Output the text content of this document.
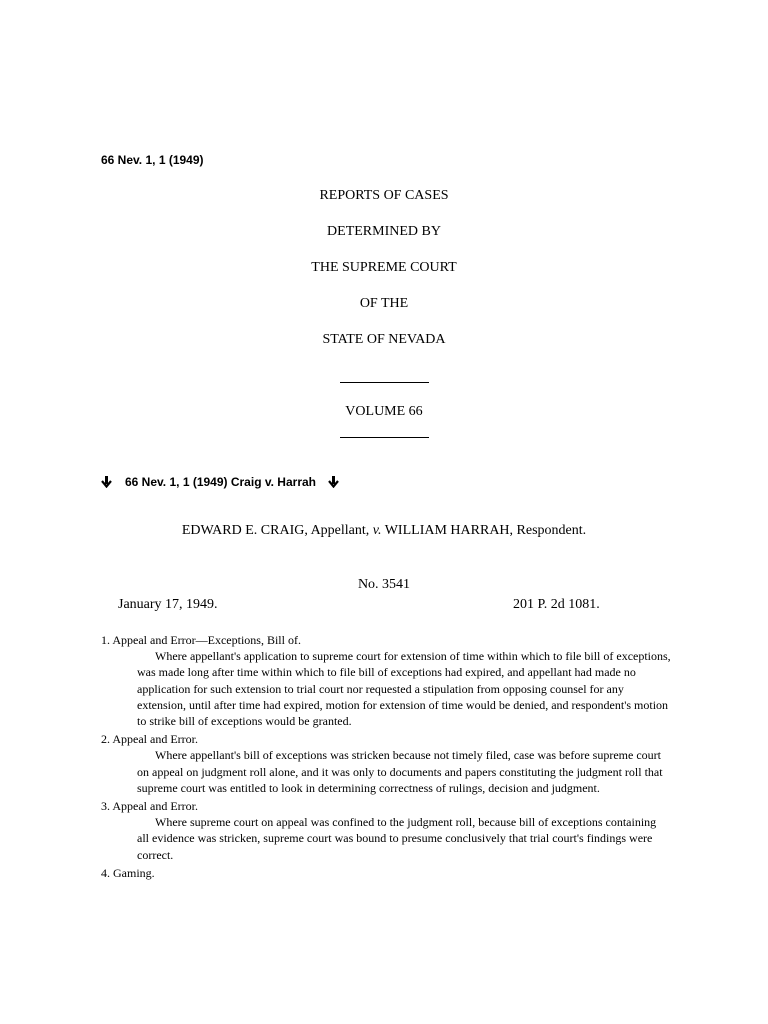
66 Nev. 1, 1 (1949)
REPORTS OF CASES
DETERMINED BY
THE SUPREME COURT
OF THE
STATE OF NEVADA
VOLUME 66
66 Nev. 1, 1 (1949) Craig v. Harrah
EDWARD E. CRAIG, Appellant, v. WILLIAM HARRAH, Respondent.
No. 3541
January 17, 1949.	201 P. 2d 1081.

1. Appeal and Error—Exceptions, Bill of.

Where appellant's application to supreme court for extension of time within which to file bill of exceptions, was made long after time within which to file bill of exceptions had expired, and appellant had made no application for such extension to trial court nor requested a stipulation from opposing counsel for any extension, until after time had expired, motion for extension of time would be denied, and respondent's motion to strike bill of exceptions would be granted.

2. Appeal and Error.

Where appellant's bill of exceptions was stricken because not timely filed, case was before supreme court on appeal on judgment roll alone, and it was only to documents and papers constituting the judgment roll that supreme court was entitled to look in determining correctness of rulings, decision and judgment.

3. Appeal and Error.

Where supreme court on appeal was confined to the judgment roll, because bill of exceptions containing all evidence was stricken, supreme court was bound to presume conclusively that trial court's findings were correct.

4. Gaming.
